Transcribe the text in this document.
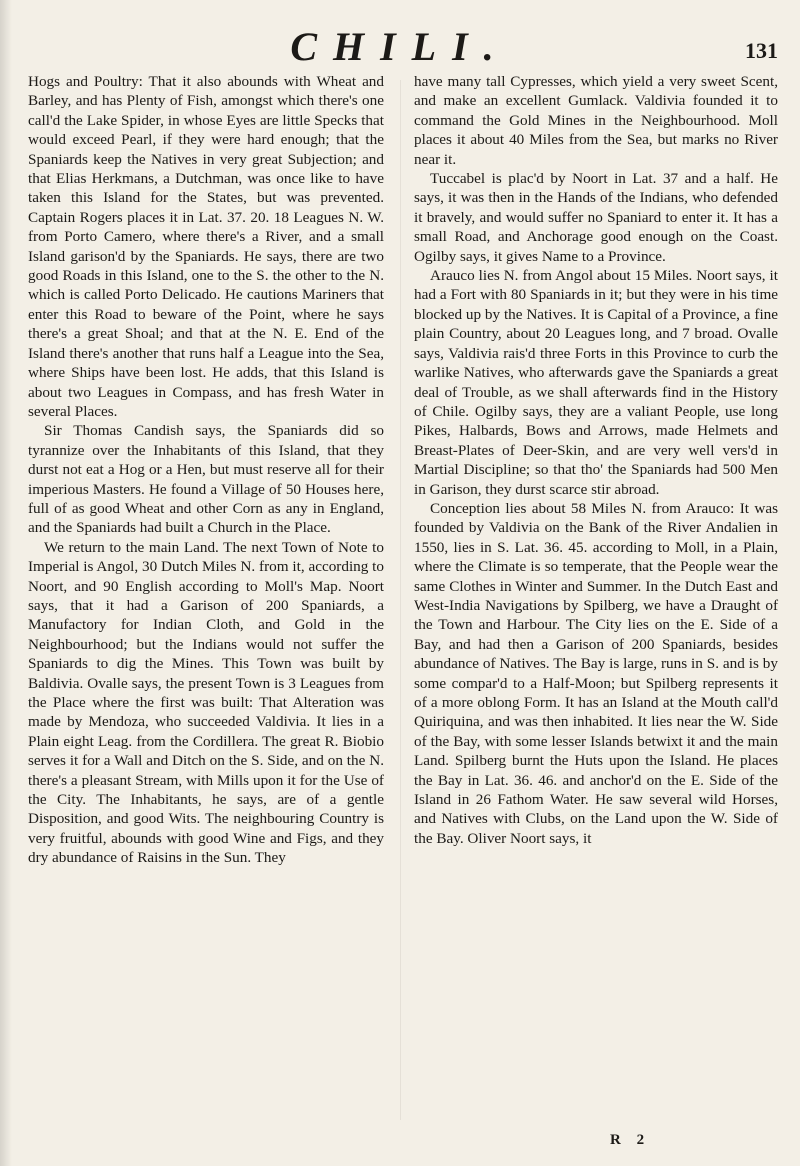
CHILI.	131

Hogs and Poultry: That it also abounds with Wheat and Barley, and has Plenty of Fish, amongst which there's one call'd the Lake Spider, in whose Eyes are little Specks that would exceed Pearl, if they were hard enough; that the Spaniards keep the Natives in very great Subjection; and that Elias Herkmans, a Dutchman, was once like to have taken this Island for the States, but was prevented. Captain Rogers places it in Lat. 37. 20. 18 Leagues N. W. from Porto Camero, where there's a River, and a small Island garison'd by the Spaniards. He says, there are two good Roads in this Island, one to the S. the other to the N. which is called Porto Delicado. He cautions Mariners that enter this Road to beware of the Point, where he says there's a great Shoal; and that at the N. E. End of the Island there's another that runs half a League into the Sea, where Ships have been lost. He adds, that this Island is about two Leagues in Compass, and has fresh Water in several Places.

Sir Thomas Candish says, the Spaniards did so tyrannize over the Inhabitants of this Island, that they durst not eat a Hog or a Hen, but must reserve all for their imperious Masters. He found a Village of 50 Houses here, full of as good Wheat and other Corn as any in England, and the Spaniards had built a Church in the Place.

We return to the main Land. The next Town of Note to Imperial is Angol, 30 Dutch Miles N. from it, according to Noort, and 90 English according to Moll's Map. Noort says, that it had a Garison of 200 Spaniards, a Manufactory for Indian Cloth, and Gold in the Neighbourhood; but the Indians would not suffer the Spaniards to dig the Mines. This Town was built by Baldivia. Ovalle says, the present Town is 3 Leagues from the Place where the first was built: That Alteration was made by Mendoza, who succeeded Valdivia. It lies in a Plain eight Leag. from the Cordillera. The great R. Biobio serves it for a Wall and Ditch on the S. Side, and on the N. there's a pleasant Stream, with Mills upon it for the Use of the City. The Inhabitants, he says, are of a gentle Disposition, and good Wits. The neighbouring Country is very fruitful, abounds with good Wine and Figs, and they dry abundance of Raisins in the Sun. They

have many tall Cypresses, which yield a very sweet Scent, and make an excellent Gumlack. Valdivia founded it to command the Gold Mines in the Neighbourhood. Moll places it about 40 Miles from the Sea, but marks no River near it.

Tuccabel is plac'd by Noort in Lat. 37 and a half. He says, it was then in the Hands of the Indians, who defended it bravely, and would suffer no Spaniard to enter it. It has a small Road, and Anchorage good enough on the Coast. Ogilby says, it gives Name to a Province.

Arauco lies N. from Angol about 15 Miles. Noort says, it had a Fort with 80 Spaniards in it; but they were in his time blocked up by the Natives. It is Capital of a Province, a fine plain Country, about 20 Leagues long, and 7 broad. Ovalle says, Valdivia rais'd three Forts in this Province to curb the warlike Natives, who afterwards gave the Spaniards a great deal of Trouble, as we shall afterwards find in the History of Chile. Ogilby says, they are a valiant People, use long Pikes, Halbards, Bows and Arrows, made Helmets and Breast-Plates of Deer-Skin, and are very well vers'd in Martial Discipline; so that tho' the Spaniards had 500 Men in Garison, they durst scarce stir abroad.

Conception lies about 58 Miles N. from Arauco: It was founded by Valdivia on the Bank of the River Andalien in 1550, lies in S. Lat. 36. 45. according to Moll, in a Plain, where the Climate is so temperate, that the People wear the same Clothes in Winter and Summer. In the Dutch East and West-India Navigations by Spilberg, we have a Draught of the Town and Harbour. The City lies on the E. Side of a Bay, and had then a Garison of 200 Spaniards, besides abundance of Natives. The Bay is large, runs in S. and is by some compar'd to a Half-Moon; but Spilberg represents it of a more oblong Form. It has an Island at the Mouth call'd Quiriquina, and was then inhabited. It lies near the W. Side of the Bay, with some lesser Islands betwixt it and the main Land. Spilberg burnt the Huts upon the Island. He places the Bay in Lat. 36. 46. and anchor'd on the E. Side of the Island in 26 Fathom Water. He saw several wild Horses, and Natives with Clubs, on the Land upon the W. Side of the Bay. Oliver Noort says, it

R 2
